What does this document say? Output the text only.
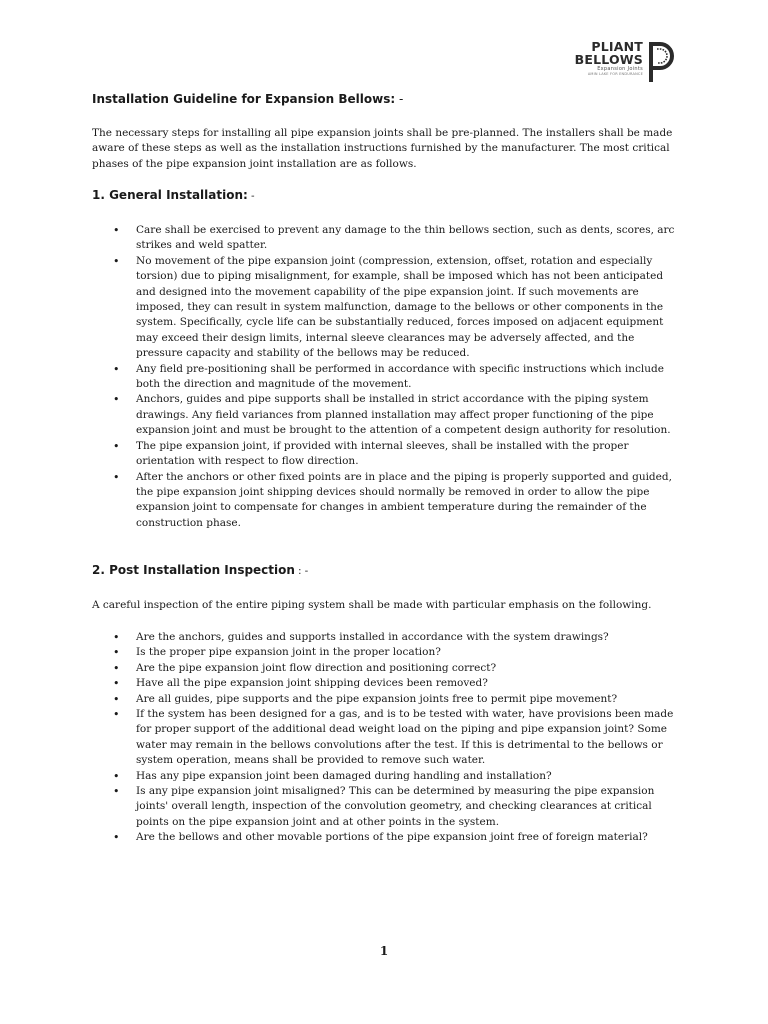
PLIANT
BELLOWS
Expansion Joints
AMIN LAKE FOR ENDURANCE
Installation Guideline for Expansion Bellows: -
The necessary steps for installing all pipe expansion joints shall be pre-planned. The installers shall be made aware of these steps as well as the installation instructions furnished by the manufacturer. The most critical phases of the pipe expansion joint installation are as follows.
1. General Installation: -
• Care shall be exercised to prevent any damage to the thin bellows section, such as dents, scores, arc strikes and weld spatter.
• No movement of the pipe expansion joint (compression, extension, offset, rotation and especially torsion) due to piping misalignment, for example, shall be imposed which has not been anticipated and designed into the movement capability of the pipe expansion joint. If such movements are imposed, they can result in system malfunction, damage to the bellows or other components in the system. Specifically, cycle life can be substantially reduced, forces imposed on adjacent equipment may exceed their design limits, internal sleeve clearances may be adversely affected, and the pressure capacity and stability of the bellows may be reduced.
• Any field pre-positioning shall be performed in accordance with specific instructions which include both the direction and magnitude of the movement.
• Anchors, guides and pipe supports shall be installed in strict accordance with the piping system drawings. Any field variances from planned installation may affect proper functioning of the pipe expansion joint and must be brought to the attention of a competent design authority for resolution.
• The pipe expansion joint, if provided with internal sleeves, shall be installed with the proper orientation with respect to flow direction.
• After the anchors or other fixed points are in place and the piping is properly supported and guided, the pipe expansion joint shipping devices should normally be removed in order to allow the pipe expansion joint to compensate for changes in ambient temperature during the remainder of the construction phase.
2. Post Installation Inspection : -
A careful inspection of the entire piping system shall be made with particular emphasis on the following.
• Are the anchors, guides and supports installed in accordance with the system drawings?
• Is the proper pipe expansion joint in the proper location?
• Are the pipe expansion joint flow direction and positioning correct?
• Have all the pipe expansion joint shipping devices been removed?
• Are all guides, pipe supports and the pipe expansion joints free to permit pipe movement?
• If the system has been designed for a gas, and is to be tested with water, have provisions been made for proper support of the additional dead weight load on the piping and pipe expansion joint? Some water may remain in the bellows convolutions after the test. If this is detrimental to the bellows or system operation, means shall be provided to remove such water.
• Has any pipe expansion joint been damaged during handling and installation?
• Is any pipe expansion joint misaligned? This can be determined by measuring the pipe expansion joints' overall length, inspection of the convolution geometry, and checking clearances at critical points on the pipe expansion joint and at other points in the system.
• Are the bellows and other movable portions of the pipe expansion joint free of foreign material?
1
